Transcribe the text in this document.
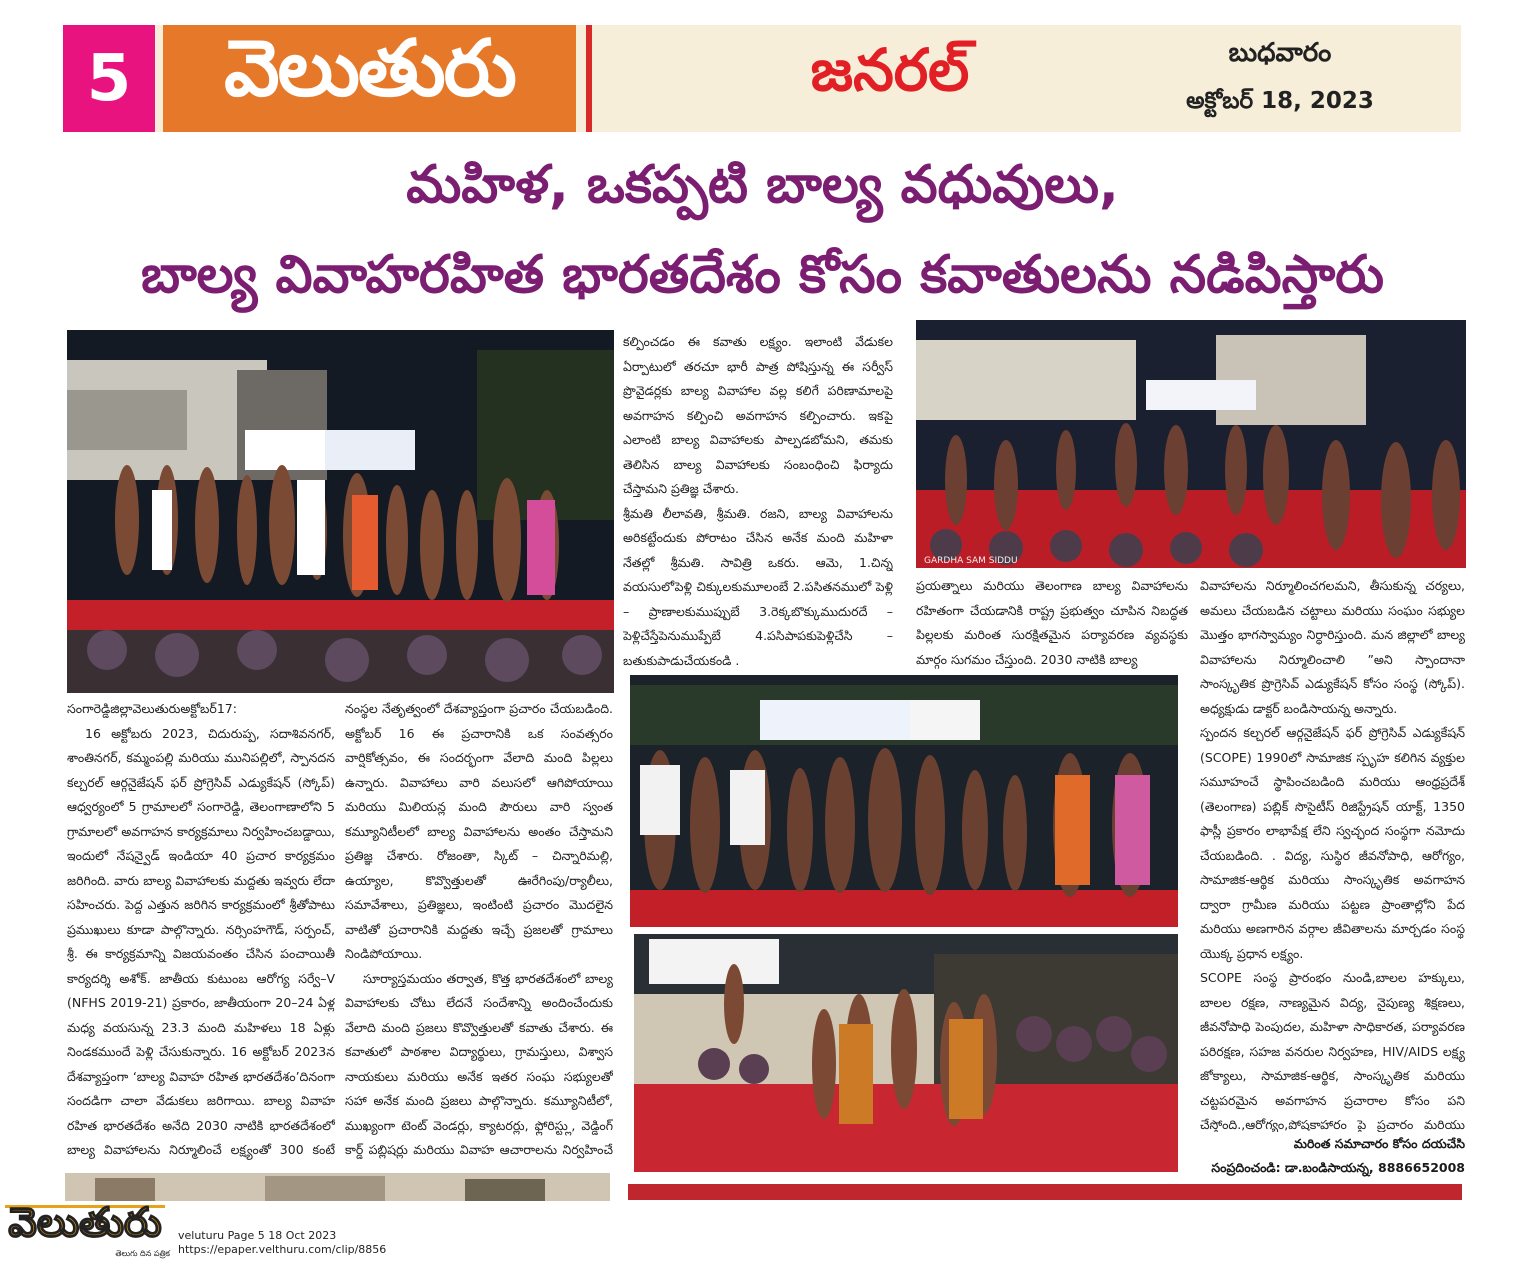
5	వెలుతురు	జనరల్	బుధవారం
అక్టోబర్ 18, 2023
మహిళ, ఒకప్పటి బాల్య వధువులు,
బాల్య వివాహరహిత భారతదేశం కోసం కవాతులను నడిపిస్తారు
GARDHA SAM SIDDU

సంగారెడ్డిజిల్లావెలుతురుఅక్టోబర్17:

16 అక్టోబరు 2023, చిదురుప్ప, సదాశివనగర్, శాంతినగర్, కమ్మంపల్లి మరియు మునిపల్లిలో, స్పానదన కల్చరల్ ఆర్గనైజేషన్ ఫర్ ప్రోగ్రెసివ్ ఎడ్యుకేషన్ (స్కోప్) ఆధ్వర్యంలో 5 గ్రామాలలో సంగారెడ్డి, తెలంగాణాలోని 5 గ్రామాలలో అవగాహన కార్యక్రమాలు నిర్వహించబడ్డాయి, ఇందులో నేషన్వైడ్ ఇండియా 40 ప్రచార కార్యక్రమం జరిగింది. వారు బాల్య వివాహాలకు మద్దతు ఇవ్వరు లేదా సహించరు. పెద్ద ఎత్తున జరిగిన కార్యక్రమంలో శ్రీతోపాటు ప్రముఖులు కూడా పాల్గొన్నారు. నర్సింహగౌడ్, సర్పంచ్, శ్రీ. ఈ కార్యక్రమాన్ని విజయవంతం చేసిన పంచాయితీ కార్యదర్శి అశోక్. జాతీయ కుటుంబ ఆరోగ్య సర్వే–V (NFHS 2019-21) ప్రకారం, జాతీయంగా 20–24 ఏళ్ల మధ్య వయసున్న 23.3 మంది మహిళలు 18 ఏళ్లు నిండకముందే పెళ్లి చేసుకున్నారు. 16 అక్టోబర్ 2023న దేశవ్యాప్తంగా ‘బాల్య వివాహ రహిత భారతదేశం’దినంగా సందడిగా చాలా వేడుకలు జరిగాయి. బాల్య వివాహ రహిత భారతదేశం అనేది 2030 నాటికి భారతదేశంలో బాల్య వివాహాలను నిర్మూలించే లక్ష్యంతో 300 కంటే

నంస్థల నేతృత్వంలో దేశవ్యాప్తంగా ప్రచారం చేయబడింది. అక్టోబర్ 16 ఈ ప్రచారానికి ఒక సంవత్సరం వార్షికోత్సవం, ఈ సందర్భంగా వేలాది మంది పిల్లలు ఉన్నారు. వివాహాలు వారి వలుసలో ఆగిపోయాయి మరియు మిలియన్ల మంది పౌరులు వారి స్వంత కమ్యూనిటీలలో బాల్య వివాహాలను అంతం చేస్తామని ప్రతిజ్ఞ చేశారు. రోజంతా, స్కిట్ – చిన్నారిమల్లి, ఉయ్యాల, కొవ్వొత్తులతో ఊరేగింపు/ర్యాలీలు, సమావేశాలు, ప్రతిజ్ఞలు, ఇంటింటి ప్రచారం మొదలైన వాటితో ప్రచారానికి మద్దతు ఇచ్చే ప్రజలతో గ్రామాలు నిండిపోయాయి.

సూర్యాస్తమయం తర్వాత, కొత్త భారతదేశంలో బాల్య వివాహాలకు చోటు లేదనే సందేశాన్ని అందించేందుకు వేలాది మంది ప్రజలు కొవ్వొత్తులతో కవాతు చేశారు. ఈ కవాతులో పాఠశాల విద్యార్థులు, గ్రామస్తులు, విశ్వాస నాయకులు మరియు అనేక ఇతర సంఘ సభ్యులతో సహా అనేక మంది ప్రజలు పాల్గొన్నారు. కమ్యూనిటీలో, ముఖ్యంగా టెంట్ వెండర్లు, క్యాటరర్లు, ఫ్లోరిస్ట్లు, వెడ్డింగ్ కార్డ్ పబ్లిషర్లు మరియు వివాహ ఆచారాలను నిర్వహించే

కల్పించడం ఈ కవాతు లక్ష్యం. ఇలాంటి వేడుకల ఏర్పాటులో తరచూ భారీ పాత్ర పోషిస్తున్న ఈ సర్వీస్ ప్రొవైడర్లకు బాల్య వివాహాల వల్ల కలిగే పరిణామాలపై అవగాహన కల్పించి అవగాహన కల్పించారు. ఇకపై ఎలాంటి బాల్య వివాహాలకు పాల్పడబోమని, తమకు తెలిసిన బాల్య వివాహాలకు సంబంధించి ఫిర్యాదు చేస్తామని ప్రతిజ్ఞ చేశారు.

శ్రీమతి లీలావతి, శ్రీమతి. రజని, బాల్య వివాహాలను అరికట్టేందుకు పోరాటం చేసిన అనేక మంది మహిళా నేతల్లో శ్రీమతి. సావిత్రి ఒకరు. ఆమె, 1.చిన్న వయసులోపెళ్లి చిక్కులకుమూలంబే 2.పసితనములో పెళ్లి – ప్రాణాలకుముప్పుబే 3.రెక్కబొక్కుముదురదే – పెళ్లిచేస్తేపెనుముప్పేబే 4.పసిపాపకుపెళ్లిచేసి – బతుకుపాడుచేయకండి .

ప్రయత్నాలు మరియు తెలంగాణ బాల్య వివాహాలను రహితంగా చేయడానికి రాష్ట్ర ప్రభుత్వం చూపిన నిబద్ధత పిల్లలకు మరింత సురక్షితమైన పర్యావరణ వ్యవస్థకు మార్గం సుగమం చేస్తుంది. 2030 నాటికి బాల్య

వివాహాలను నిర్మూలించగలమని, తీసుకున్న చర్యలు, అమలు చేయబడిన చట్టాలు మరియు సంఘం సభ్యుల మొత్తం భాగస్వామ్యం నిర్ధారిస్తుంది. మన జిల్లాలో బాల్య వివాహాలను నిర్మూలించాలి ”అని స్పాందానా సాంస్కృతిక ప్రొగ్రెసివ్ ఎడ్యుకేషన్ కోసం సంస్థ (స్కోప్). అధ్యక్షుడు డాక్టర్ బండిసాయన్న అన్నారు.

స్పందన కల్చరల్ ఆర్గనైజేషన్ ఫర్ ప్రోగ్రెసివ్ ఎడ్యుకేషన్ (SCOPE) 1990లో సామాజిక స్పృహ కలిగిన వ్యక్తుల సమూహంచే స్థాపించబడింది మరియు ఆంధ్రప్రదేశ్ (తెలంగాణ) పబ్లిక్ సొసైటీస్ రిజిస్ట్రేషన్ యాక్ట్, 1350 ఫాస్లీ ప్రకారం లాభాపేక్ష లేని స్వచ్ఛంద సంస్థగా నమోదు చేయబడింది. . విద్య, సుస్థిర జీవనోపాధి, ఆరోగ్యం, సామాజిక-ఆర్థిక మరియు సాంస్కృతిక అవగాహన ద్వారా గ్రామీణ మరియు పట్టణ ప్రాంతాల్లోని పేద మరియు అణగారిన వర్గాల జీవితాలను మార్చడం సంస్థ యొక్క ప్రధాన లక్ష్యం.

SCOPE సంస్థ ప్రారంభం నుండి,బాలల హక్కులు, బాలల రక్షణ, నాణ్యమైన విద్య, నైపుణ్య శిక్షణలు, జీవనోపాధి పెంపుదల, మహిళా సాధికారత, పర్యావరణ పరిరక్షణ, సహజ వనరుల నిర్వహణ, HIV/AIDS లక్ష్య జోక్యాలు, సామాజిక-ఆర్థిక, సాంస్కృతిక మరియు చట్టపరమైన అవగాహన ప్రచారాల కోసం పని చేస్తోంది.,ఆరోగ్యం,పోషకాహారం పై ప్రచారం మరియు

మరింత సమాచారం కోసం దయచేసి
సంప్రదించండి: డా.బండిసాయన్న, 8886652008
వెలుతురు
తెలుగు దిన పత్రిక
veluturu Page 5 18 Oct 2023
https://epaper.velthuru.com/clip/8856
